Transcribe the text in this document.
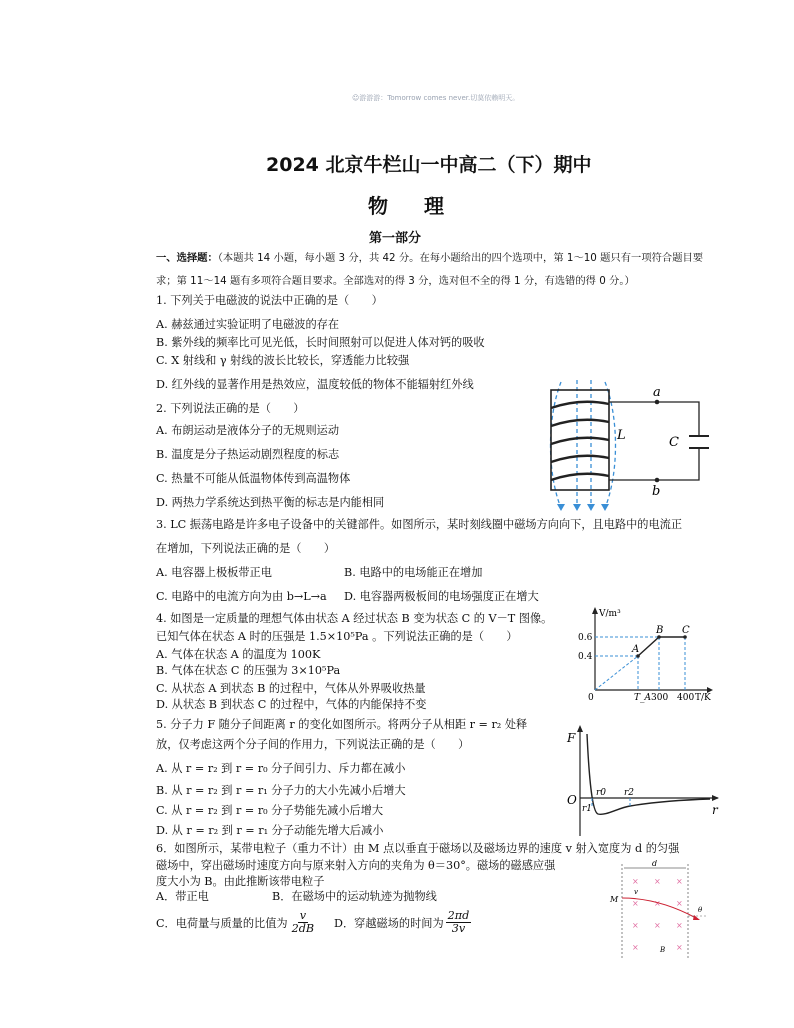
☺游游游：Tomorrow comes never.切莫依赖明天。
2024 北京牛栏山一中高二（下）期中
物 理
第一部分
一、选择题：（本题共 14 小题，每小题 3 分，共 42 分。在每小题给出的四个选项中，第 1～10 题只有一项符合题目要
求；第 11～14 题有多项符合题目要求。全部选对的得 3 分，选对但不全的得 1 分，有选错的得 0 分。）
1. 下列关于电磁波的说法中正确的是（　　）
A. 赫兹通过实验证明了电磁波的存在
B. 紫外线的频率比可见光低，长时间照射可以促进人体对钙的吸收
C. X 射线和 γ 射线的波长比较长，穿透能力比较强
D. 红外线的显著作用是热效应，温度较低的物体不能辐射红外线
2. 下列说法正确的是（　　）
A. 布朗运动是液体分子的无规则运动
B. 温度是分子热运动剧烈程度的标志
C. 热量不可能从低温物体传到高温物体
D. 两热力学系统达到热平衡的标志是内能相同
a
b
L	C
3. LC 振荡电路是许多电子设备中的关键部件。如图所示，某时刻线圈中磁场方向向下，且电路中的电流正
在增加，下列说法正确的是（　　）
A. 电容器上极板带正电	B. 电路中的电场能正在增加
C. 电路中的电流方向为由 b→L→a D. 电容器两极板间的电场强度正在增大
4. 如图是一定质量的理想气体由状态 A 经过状态 B 变为状态 C 的 V－T 图像。
已知气体在状态 A 时的压强是 1.5×10⁵Pa 。下列说法正确的是（　　）
A. 气体在状态 A 的温度为 100K
B. 气体在状态 C 的压强为 3×10⁵Pa
C. 从状态 A 到状态 B 的过程中，气体从外界吸收热量
D. 从状态 B 到状态 C 的过程中，气体的内能保持不变
V/m³
T/K
0.6
0.4
0	T_A 300 400
A
B C
5. 分子力 F 随分子间距离 r 的变化如图所示。将两分子从相距 r = r₂ 处释
放，仅考虑这两个分子间的作用力，下列说法正确的是（　　）
A. 从 r = r₂ 到 r = r₀ 分子间引力、斥力都在减小
B. 从 r = r₂ 到 r = r₁ 分子力的大小先减小后增大
C. 从 r = r₂ 到 r = r₀ 分子势能先减小后增大
D. 从 r = r₂ 到 r = r₁ 分子动能先增大后减小
F
O
r
r0
r1
r2
6．如图所示，某带电粒子（重力不计）由 M 点以垂直于磁场以及磁场边界的速度 v 射入宽度为 d 的匀强
磁场中，穿出磁场时速度方向与原来射入方向的夹角为 θ＝30°。磁场的磁感应强
度大小为 B。由此推断该带电粒子
A．带正电	B．在磁场中的运动轨迹为抛物线
C．电荷量与质量的比值为 $\frac{v}{2dB}$ D．穿越磁场的时间为 $\frac{2\pi d}{3v}$
d
× × ×
× × ×
× × ×
×	×
M
v
θ
B
